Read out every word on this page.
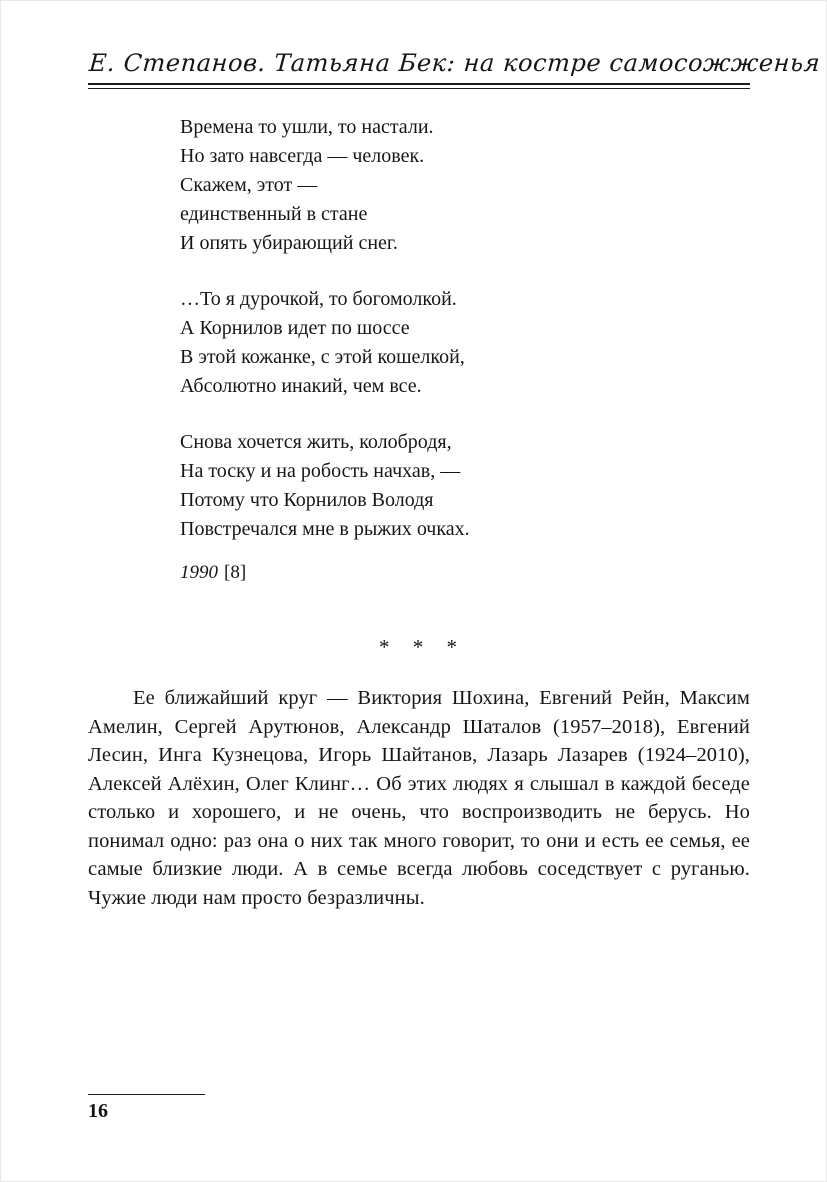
Е. Степанов. Татьяна Бек: на костре самосожженья
Времена то ушли, то настали.
Но зато навсегда — человек.
Скажем, этот —
единственный в стане
И опять убирающий снег.
…То я дурочкой, то богомолкой.
А Корнилов идет по шоссе
В этой кожанке, с этой кошелкой,
Абсолютно инакий, чем все.
Снова хочется жить, колобродя,
На тоску и на робость начхав, —
Потому что Корнилов Володя
Повстречался мне в рыжих очках.
1990 [8]
* * *

Ее ближайший круг — Виктория Шохина, Евгений Рейн, Максим Амелин, Сергей Арутюнов, Александр Шаталов (1957–2018), Евгений Лесин, Инга Кузнецова, Игорь Шайтанов, Лазарь Лазарев (1924–2010), Алексей Алёхин, Олег Клинг… Об этих людях я слышал в каждой беседе столько и хорошего, и не очень, что воспроизводить не берусь. Но понимал одно: раз она о них так много говорит, то они и есть ее семья, ее самые близкие люди. А в семье всегда любовь соседствует с руганью. Чужие люди нам просто безразличны.

16
